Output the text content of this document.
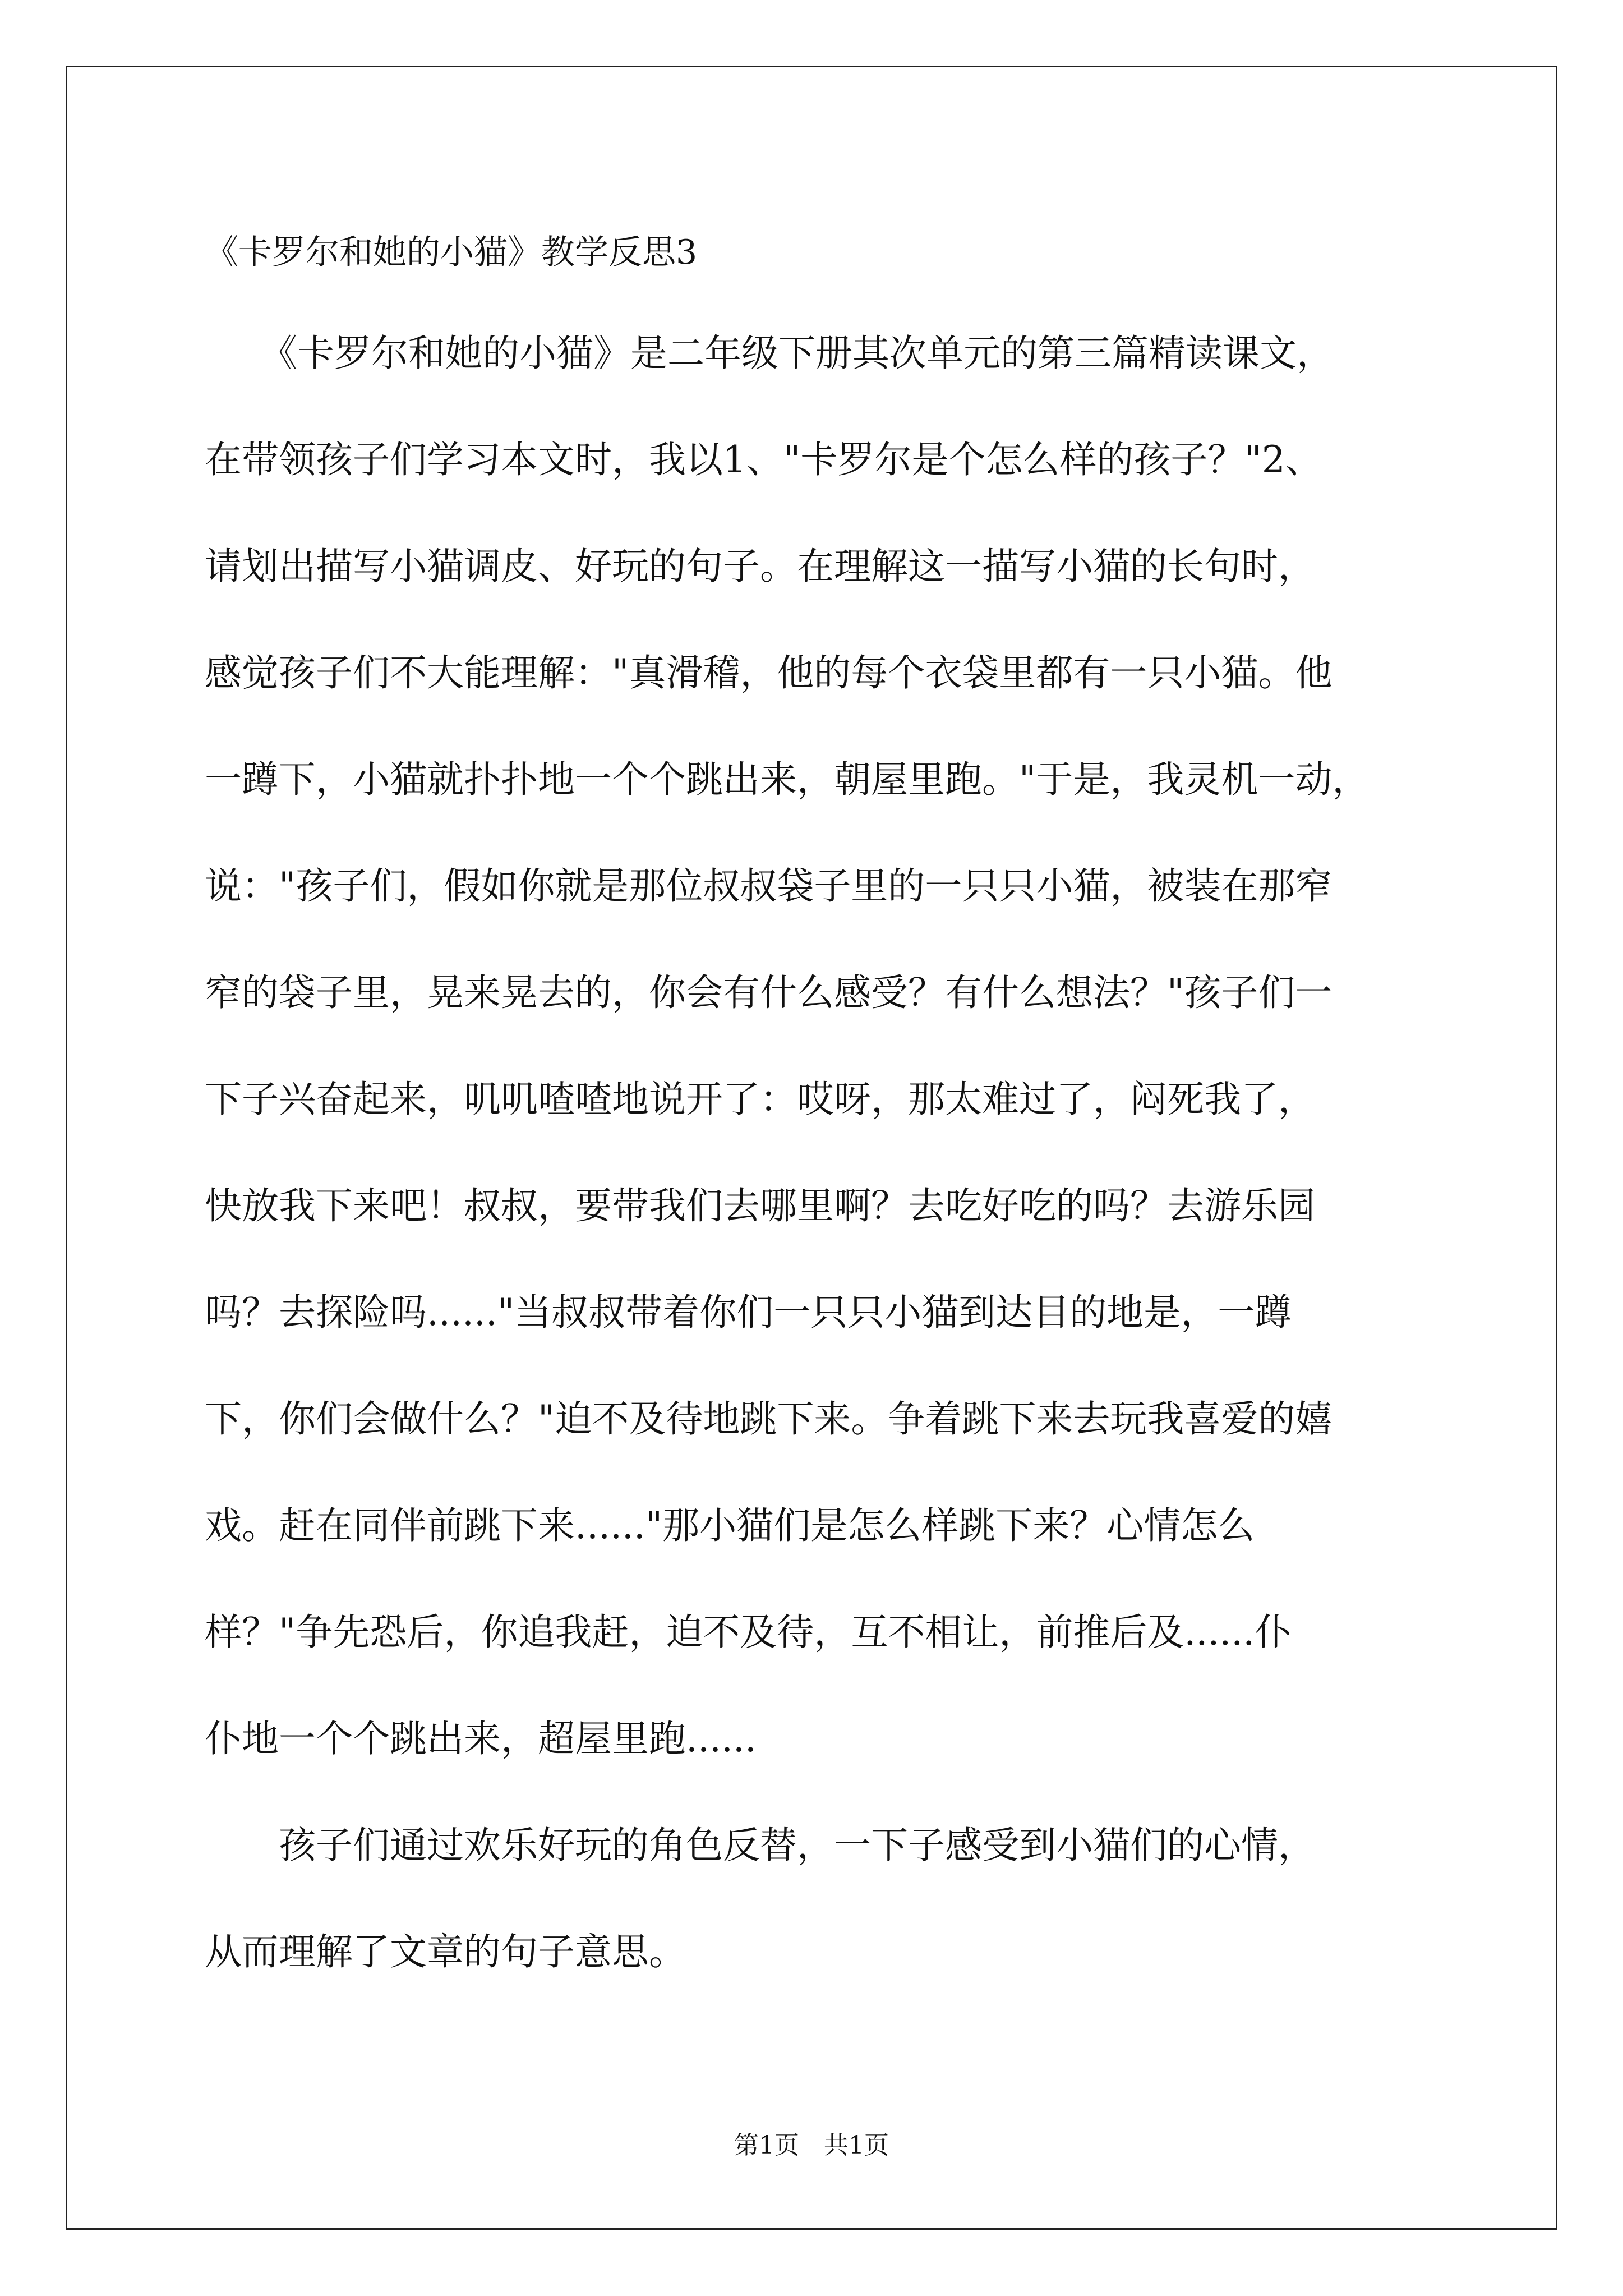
《卡罗尔和她的小猫》教学反思3

　　《卡罗尔和她的小猫》是二年级下册其次单元的第三篇精读课文，

在带领孩子们学习本文时，我以1、"卡罗尔是个怎么样的孩子？"2、

请划出描写小猫调皮、好玩的句子。在理解这一描写小猫的长句时，

感觉孩子们不大能理解："真滑稽，他的每个衣袋里都有一只小猫。他

一蹲下，小猫就扑扑地一个个跳出来，朝屋里跑。"于是，我灵机一动，

说："孩子们，假如你就是那位叔叔袋子里的一只只小猫，被装在那窄

窄的袋子里，晃来晃去的，你会有什么感受？有什么想法？"孩子们一

下子兴奋起来，叽叽喳喳地说开了：哎呀，那太难过了，闷死我了，

快放我下来吧！叔叔，要带我们去哪里啊？去吃好吃的吗？去游乐园

吗？去探险吗......"当叔叔带着你们一只只小猫到达目的地是，一蹲

下，你们会做什么？"迫不及待地跳下来。争着跳下来去玩我喜爱的嬉

戏。赶在同伴前跳下来......"那小猫们是怎么样跳下来？心情怎么

样？"争先恐后，你追我赶，迫不及待，互不相让，前推后及......仆

仆地一个个跳出来，超屋里跑......

　　孩子们通过欢乐好玩的角色反替，一下子感受到小猫们的心情，

从而理解了文章的句子意思。

第1页　共1页
